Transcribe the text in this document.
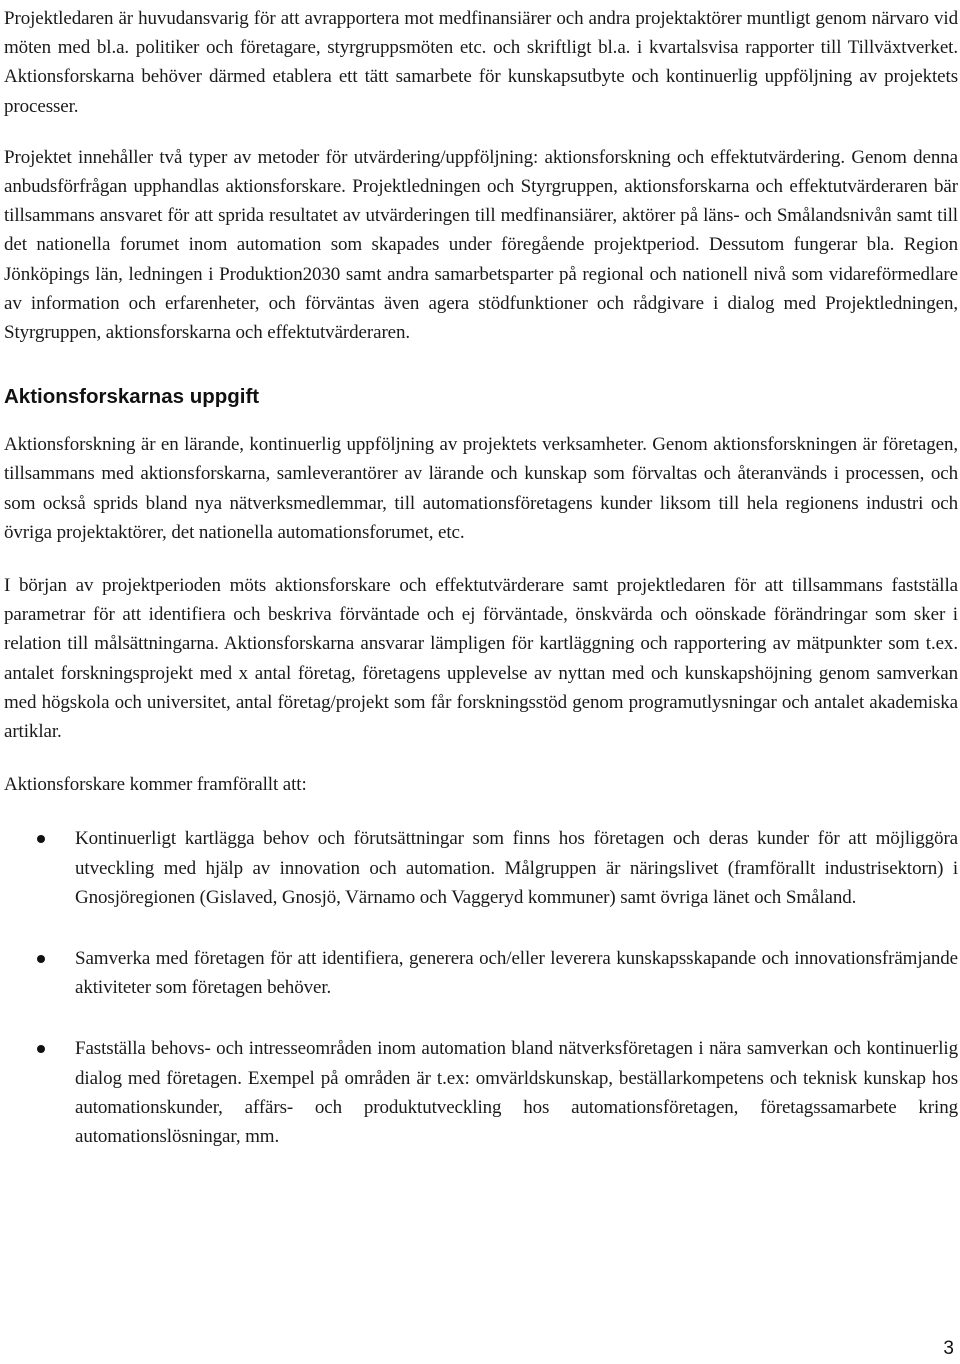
Projektledaren är huvudansvarig för att avrapportera mot medfinansiärer och andra projektaktörer muntligt genom närvaro vid möten med bl.a. politiker och företagare, styrgruppsmöten etc. och skriftligt bl.a. i kvartalsvisa rapporter till Tillväxtverket. Aktionsforskarna behöver därmed etablera ett tätt samarbete för kunskapsutbyte och kontinuerlig uppföljning av projektets processer.

Projektet innehåller två typer av metoder för utvärdering/uppföljning: aktionsforskning och effektutvärdering. Genom denna anbudsförfrågan upphandlas aktionsforskare. Projektledningen och Styrgruppen, aktionsforskarna och effektutvärderaren bär tillsammans ansvaret för att sprida resultatet av utvärderingen till medfinansiärer, aktörer på läns- och Smålandsnivån samt till det nationella forumet inom automation som skapades under föregående projektperiod. Dessutom fungerar bla. Region Jönköpings län, ledningen i Produktion2030 samt andra samarbetsparter på regional och nationell nivå som vidareförmedlare av information och erfarenheter, och förväntas även agera stödfunktioner och rådgivare i dialog med Projektledningen, Styrgruppen, aktionsforskarna och effektutvärderaren.

Aktionsforskarnas uppgift

Aktionsforskning är en lärande, kontinuerlig uppföljning av projektets verksamheter. Genom aktionsforskningen är företagen, tillsammans med aktionsforskarna, samleverantörer av lärande och kunskap som förvaltas och återanvänds i processen, och som också sprids bland nya nätverksmedlemmar, till automationsföretagens kunder liksom till hela regionens industri och övriga projektaktörer, det nationella automationsforumet, etc.

I början av projektperioden möts aktionsforskare och effektutvärderare samt projektledaren för att tillsammans fastställa parametrar för att identifiera och beskriva förväntade och ej förväntade, önskvärda och oönskade förändringar som sker i relation till målsättningarna. Aktionsforskarna ansvarar lämpligen för kartläggning och rapportering av mätpunkter som t.ex. antalet forskningsprojekt med x antal företag, företagens upplevelse av nyttan med och kunskapshöjning genom samverkan med högskola och universitet, antal företag/projekt som får forskningsstöd genom programutlysningar och antalet akademiska artiklar.

Aktionsforskare kommer framförallt att:

Kontinuerligt kartlägga behov och förutsättningar som finns hos företagen och deras kunder för att möjliggöra utveckling med hjälp av innovation och automation. Målgruppen är näringslivet (framförallt industrisektorn) i Gnosjöregionen (Gislaved, Gnosjö, Värnamo och Vaggeryd kommuner) samt övriga länet och Småland.

Samverka med företagen för att identifiera, generera och/eller leverera kunskapsskapande och innovationsfrämjande aktiviteter som företagen behöver.

Fastställa behovs- och intresseområden inom automation bland nätverksföretagen i nära samverkan och kontinuerlig dialog med företagen. Exempel på områden är t.ex: omvärldskunskap, beställarkompetens och teknisk kunskap hos automationskunder, affärs- och produktutveckling hos automationsföretagen, företagssamarbete kring automationslösningar, mm.

3
